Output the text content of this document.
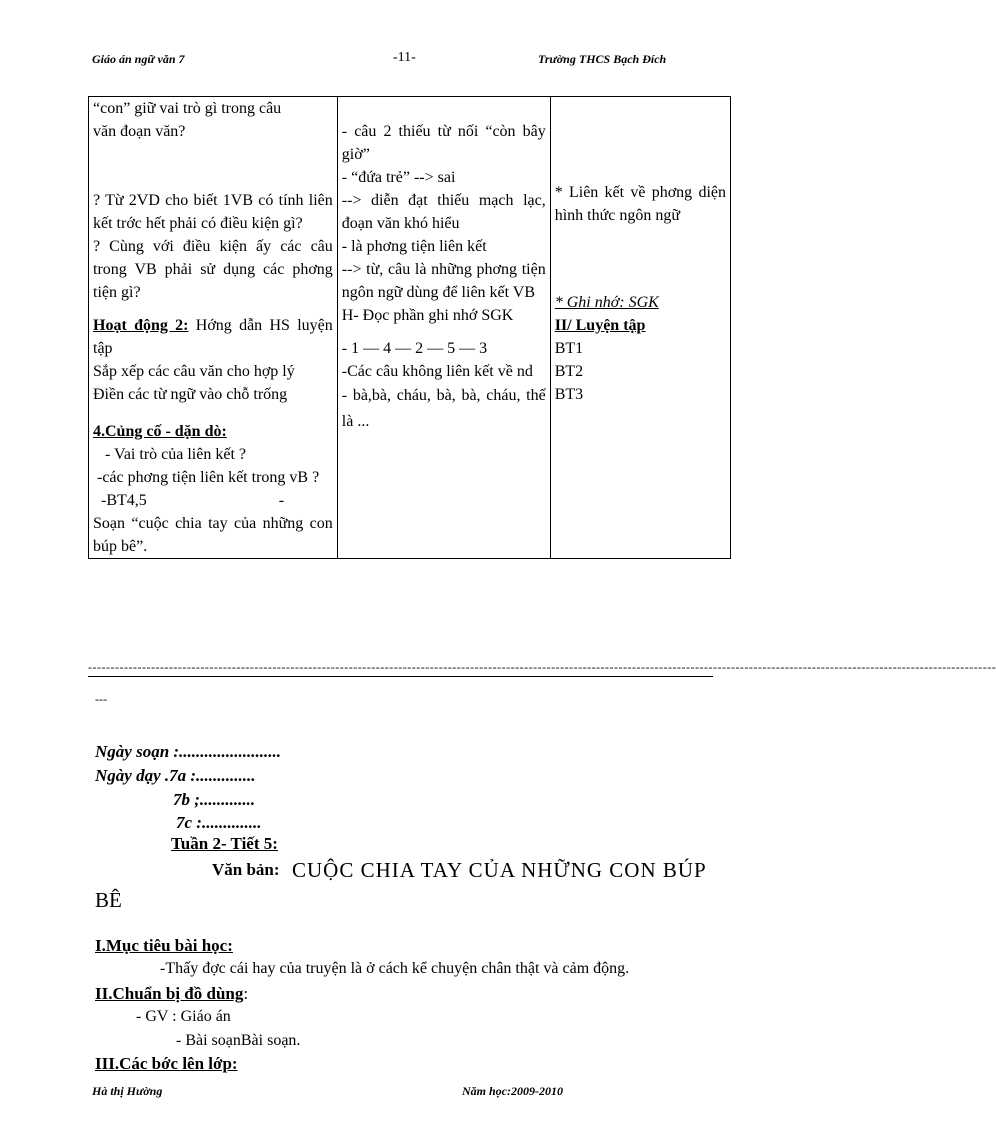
Giáo án ngữ văn 7	-11-	Trường THCS Bạch Đích
“con” giữ vai trò gì trong câu
văn đoạn văn?
? Từ 2VD cho biết 1VB có tính liên kết trớc hết phải có điều kiện gì?
? Cùng với điều kiện ấy các câu trong VB phải sử dụng các phơng tiện gì?
Hoạt động 2: Hớng dẫn HS luyện tập
Sắp xếp các câu văn cho hợp lý
Điền các từ ngữ vào chỗ trống
4.Củng cố - dặn dò:
- Vai trò của liên kết ?
-các phơng tiện liên kết trong vB ?
-BT4,5                                 -
Soạn “cuộc chia tay của những con búp bê”.

- câu 2 thiếu từ nối “còn bây giờ”
- “đứa trẻ” --> sai
--> diễn đạt thiếu mạch lạc, đoạn văn khó hiểu
- là phơng tiện liên kết
--> từ, câu là những phơng tiện ngôn ngữ dùng để liên kết VB
H- Đọc phần ghi nhớ SGK
- 1 — 4 — 2 — 5 — 3
-Các câu không liên kết về nd
- bà,bà, cháu, bà, bà, cháu, thế là ...

* Liên kết về phơng diện hình thức ngôn ngữ
* Ghi nhớ: SGK
II/ Luyện tập
BT1
BT2
BT3
----------------------------------------------------------------------------------------------------------------------------------------------------------------------------------------------------------
---
Ngày soạn :........................
Ngày dạy .7a :..............
7b ;.............
7c :..............
Tuần 2- Tiết 5:
Văn bản: CUỘC CHIA TAY CỦA NHỮNG CON BÚP
BÊ
I.Mục tiêu bài học:
-Thấy đợc cái hay của truyện là ở cách kể chuyện chân thật và cảm động.
II.Chuẩn bị đồ dùng:
- GV : Giáo án
- Bài soạnBài soạn.
III.Các bớc lên lớp:
Hà thị Hường	Năm học:2009-2010
